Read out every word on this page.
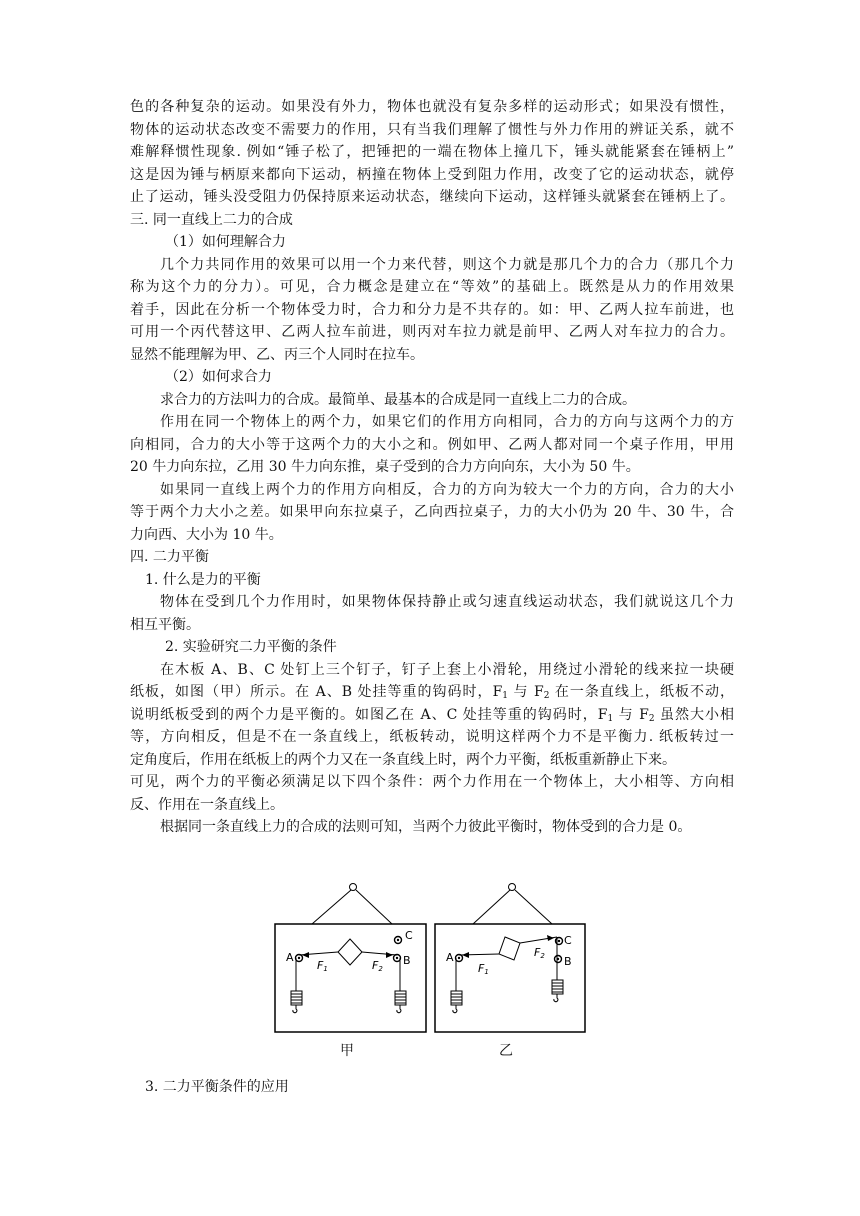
色的各种复杂的运动。如果没有外力，物体也就没有复杂多样的运动形式；如果没有惯性，
物体的运动状态改变不需要力的作用，只有当我们理解了惯性与外力作用的辨证关系，就不
难解释惯性现象. 例如“锤子松了，把锤把的一端在物体上撞几下，锤头就能紧套在锤柄上”
这是因为锤与柄原来都向下运动，柄撞在物体上受到阻力作用，改变了它的运动状态，就停
止了运动，锤头没受阻力仍保持原来运动状态，继续向下运动，这样锤头就紧套在锤柄上了。
三. 同一直线上二力的合成
（1）如何理解合力
几个力共同作用的效果可以用一个力来代替，则这个力就是那几个力的合力（那几个力
称为这个力的分力）。可见，合力概念是建立在“等效”的基础上。既然是从力的作用效果
着手，因此在分析一个物体受力时，合力和分力是不共存的。如：甲、乙两人拉车前进，也
可用一个丙代替这甲、乙两人拉车前进，则丙对车拉力就是前甲、乙两人对车拉力的合力。
显然不能理解为甲、乙、丙三个人同时在拉车。
（2）如何求合力
求合力的方法叫力的合成。最简单、最基本的合成是同一直线上二力的合成。
作用在同一个物体上的两个力，如果它们的作用方向相同，合力的方向与这两个力的方
向相同，合力的大小等于这两个力的大小之和。例如甲、乙两人都对同一个桌子作用，甲用
20 牛力向东拉，乙用 30 牛力向东推，桌子受到的合力方向向东，大小为 50 牛。
如果同一直线上两个力的作用方向相反，合力的方向为较大一个力的方向，合力的大小
等于两个力大小之差。如果甲向东拉桌子，乙向西拉桌子，力的大小仍为 20 牛、30 牛，合
力向西、大小为 10 牛。
四. 二力平衡
1. 什么是力的平衡
物体在受到几个力作用时，如果物体保持静止或匀速直线运动状态，我们就说这几个力
相互平衡。
2. 实验研究二力平衡的条件
在木板 A、B、C 处钉上三个钉子，钉子上套上小滑轮，用绕过小滑轮的线来拉一块硬
纸板，如图（甲）所示。在 A、B 处挂等重的钩码时，$F_1$ 与 $F_2$ 在一条直线上，纸板不动，
说明纸板受到的两个力是平衡的。如图乙在 A、C 处挂等重的钩码时，$F_1$ 与 $F_2$ 虽然大小相
等，方向相反，但是不在一条直线上，纸板转动，说明这样两个力不是平衡力. 纸板转过一
定角度后，作用在纸板上的两个力又在一条直线上时，两个力平衡，纸板重新静止下来。
可见，两个力的平衡必须满足以下四个条件：两个力作用在一个物体上，大小相等、方向相
反、作用在一条直线上。
根据同一条直线上力的合成的法则可知，当两个力彼此平衡时，物体受到的合力是 0。
C
A	B
F1	F2
C
A	B
F1
F2
甲	乙
3. 二力平衡条件的应用
